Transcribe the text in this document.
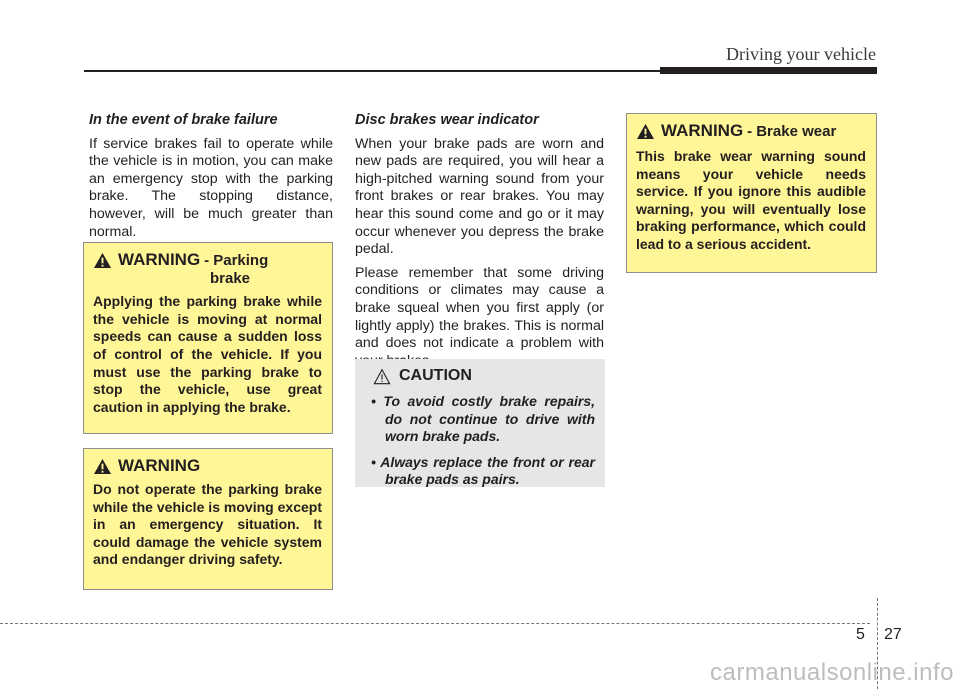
Driving your vehicle
In the event of brake failure

If service brakes fail to operate while the vehicle is in motion, you can make an emergency stop with the parking brake. The stopping distance, however, will be much greater than normal.

WARNING - Parking
brake
Applying the parking brake while the vehicle is moving at normal speeds can cause a sudden loss of control of the vehicle. If you must use the parking brake to stop the vehicle, use great caution in applying the brake.
WARNING
Do not operate the parking brake while the vehicle is moving except in an emergency situation. It could damage the vehicle system and endanger driving safety.
Disc brakes wear indicator

When your brake pads are worn and new pads are required, you will hear a high-pitched warning sound from your front brakes or rear brakes. You may hear this sound come and go or it may occur whenever you depress the brake pedal.

Please remember that some driving conditions or climates may cause a brake squeal when you first apply (or lightly apply) the brakes. This is normal and does not indicate a problem with

CAUTION
• To avoid costly brake repairs, do not continue to drive with worn brake pads.
• Always replace the front or rear brake pads as pairs.
WARNING
- Brake wear
This brake wear warning sound means your vehicle needs service. If you ignore this audible warning, you will eventually lose braking performance, which could lead to a serious accident.
5 27
carmanualsonline.info
